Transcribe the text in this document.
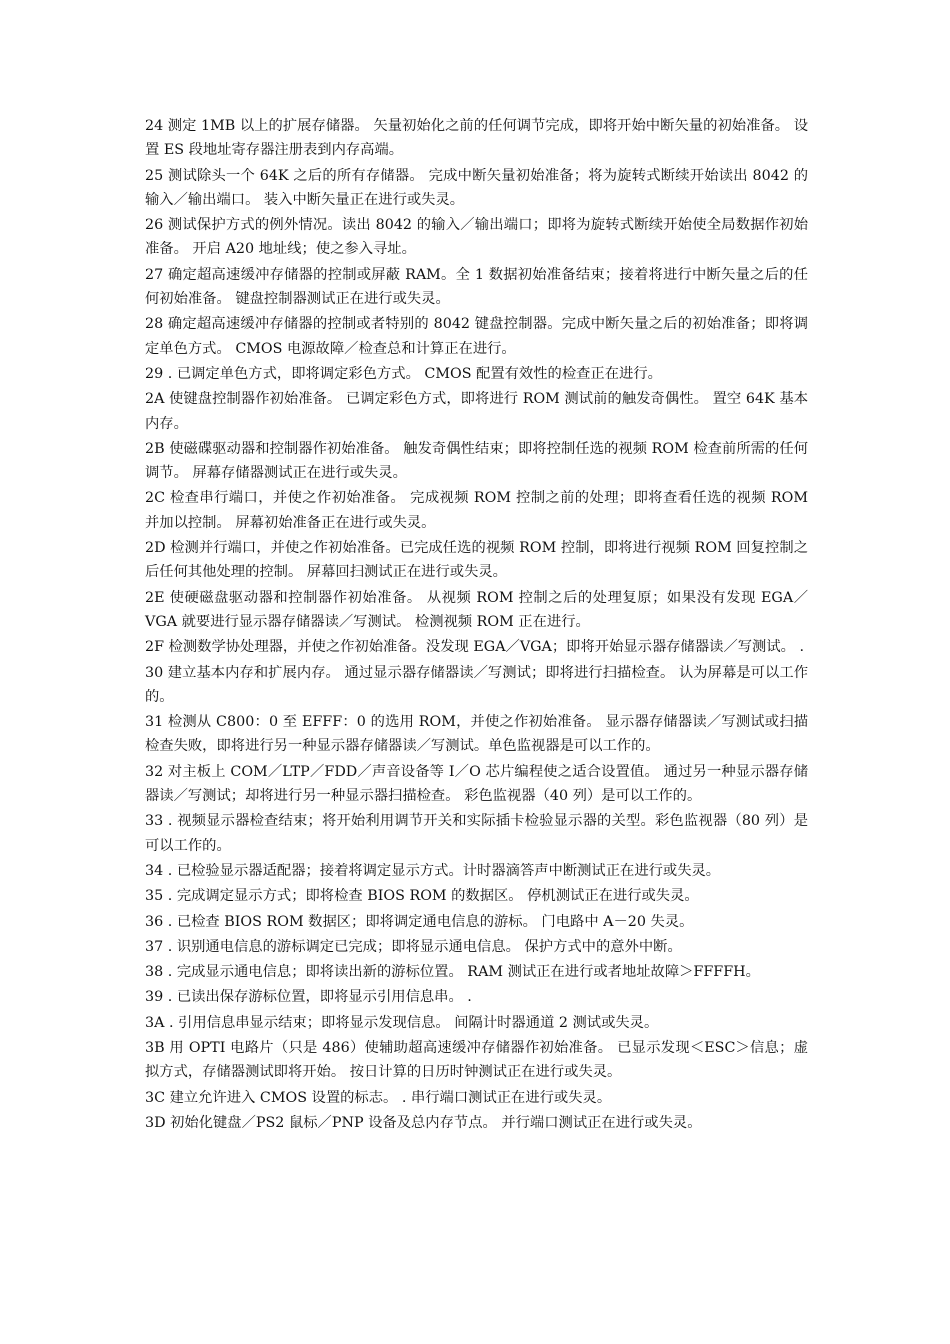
24 测定 1MB 以上的扩展存储器。 矢量初始化之前的任何调节完成，即将开始中断矢量的初始准备。 设置 ES 段地址寄存器注册表到内存高端。

25 测试除头一个 64K 之后的所有存储器。 完成中断矢量初始准备；将为旋转式断续开始读出 8042 的输入／输出端口。 装入中断矢量正在进行或失灵。

26 测试保护方式的例外情况。读出 8042 的输入／输出端口；即将为旋转式断续开始使全局数据作初始准备。 开启 A20 地址线；使之参入寻址。

27 确定超高速缓冲存储器的控制或屏蔽 RAM。全 1 数据初始准备结束；接着将进行中断矢量之后的任何初始准备。 键盘控制器测试正在进行或失灵。

28 确定超高速缓冲存储器的控制或者特别的 8042 键盘控制器。完成中断矢量之后的初始准备；即将调定单色方式。 CMOS 电源故障／检查总和计算正在进行。

29 . 已调定单色方式，即将调定彩色方式。 CMOS 配置有效性的检查正在进行。

2A 使键盘控制器作初始准备。 已调定彩色方式，即将进行 ROM 测试前的触发奇偶性。 置空 64K 基本内存。

2B 使磁碟驱动器和控制器作初始准备。 触发奇偶性结束；即将控制任选的视频 ROM 检查前所需的任何调节。 屏幕存储器测试正在进行或失灵。

2C 检查串行端口，并使之作初始准备。 完成视频 ROM 控制之前的处理；即将查看任选的视频 ROM 并加以控制。 屏幕初始准备正在进行或失灵。

2D 检测并行端口，并使之作初始准备。已完成任选的视频 ROM 控制，即将进行视频 ROM 回复控制之后任何其他处理的控制。 屏幕回扫测试正在进行或失灵。

2E 使硬磁盘驱动器和控制器作初始准备。 从视频 ROM 控制之后的处理复原；如果没有发现 EGA／VGA 就要进行显示器存储器读／写测试。 检测视频 ROM 正在进行。

2F 检测数学协处理器，并使之作初始准备。没发现 EGA／VGA；即将开始显示器存储器读／写测试。 .

30 建立基本内存和扩展内存。 通过显示器存储器读／写测试；即将进行扫描检查。 认为屏幕是可以工作的。

31 检测从 C800：0 至 EFFF：0 的选用 ROM，并使之作初始准备。 显示器存储器读／写测试或扫描检查失败，即将进行另一种显示器存储器读／写测试。单色监视器是可以工作的。

32 对主板上 COM／LTP／FDD／声音设备等 I／O 芯片编程使之适合设置值。 通过另一种显示器存储器读／写测试；却将进行另一种显示器扫描检查。 彩色监视器（40 列）是可以工作的。

33 . 视频显示器检查结束；将开始利用调节开关和实际插卡检验显示器的关型。彩色监视器（80 列）是可以工作的。

34 . 已检验显示器适配器；接着将调定显示方式。计时器滴答声中断测试正在进行或失灵。

35 . 完成调定显示方式；即将检查 BIOS ROM 的数据区。 停机测试正在进行或失灵。

36 . 已检查 BIOS ROM 数据区；即将调定通电信息的游标。 门电路中 A－20 失灵。

37 . 识别通电信息的游标调定已完成；即将显示通电信息。 保护方式中的意外中断。

38 . 完成显示通电信息；即将读出新的游标位置。 RAM 测试正在进行或者地址故障＞FFFFH。

39 . 已读出保存游标位置，即将显示引用信息串。 .

3A . 引用信息串显示结束；即将显示发现信息。 间隔计时器通道 2 测试或失灵。

3B 用 OPTI 电路片（只是 486）使辅助超高速缓冲存储器作初始准备。 已显示发现＜ESC＞信息；虚拟方式，存储器测试即将开始。 按日计算的日历时钟测试正在进行或失灵。

3C 建立允许进入 CMOS 设置的标志。 . 串行端口测试正在进行或失灵。

3D 初始化键盘／PS2 鼠标／PNP 设备及总内存节点。 并行端口测试正在进行或失灵。
